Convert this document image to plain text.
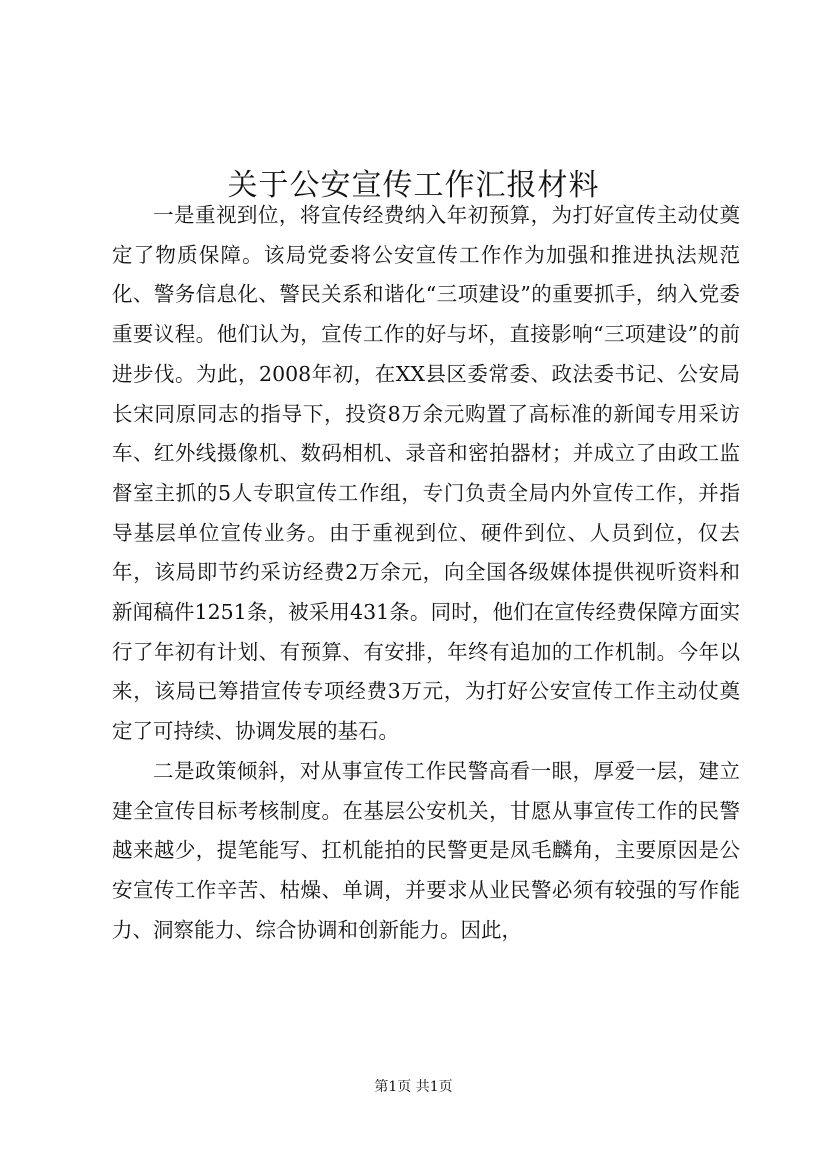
关于公安宣传工作汇报材料

一是重视到位，将宣传经费纳入年初预算，为打好宣传主动仗奠定了物质保障。该局党委将公安宣传工作作为加强和推进执法规范化、警务信息化、警民关系和谐化“三项建设”的重要抓手，纳入党委重要议程。他们认为，宣传工作的好与坏，直接影响“三项建设”的前进步伐。为此，2008年初，在XX县区委常委、政法委书记、公安局长宋同原同志的指导下，投资8万余元购置了高标准的新闻专用采访车、红外线摄像机、数码相机、录音和密拍器材；并成立了由政工监督室主抓的5人专职宣传工作组，专门负责全局内外宣传工作，并指导基层单位宣传业务。由于重视到位、硬件到位、人员到位，仅去年，该局即节约采访经费2万余元，向全国各级媒体提供视听资料和新闻稿件1251条，被采用431条。同时，他们在宣传经费保障方面实行了年初有计划、有预算、有安排，年终有追加的工作机制。今年以来，该局已筹措宣传专项经费3万元，为打好公安宣传工作主动仗奠定了可持续、协调发展的基石。

二是政策倾斜，对从事宣传工作民警高看一眼，厚爱一层，建立建全宣传目标考核制度。在基层公安机关，甘愿从事宣传工作的民警越来越少，提笔能写、扛机能拍的民警更是凤毛麟角，主要原因是公安宣传工作辛苦、枯燥、单调，并要求从业民警必须有较强的写作能力、洞察能力、综合协调和创新能力。因此，

第1页 共1页
